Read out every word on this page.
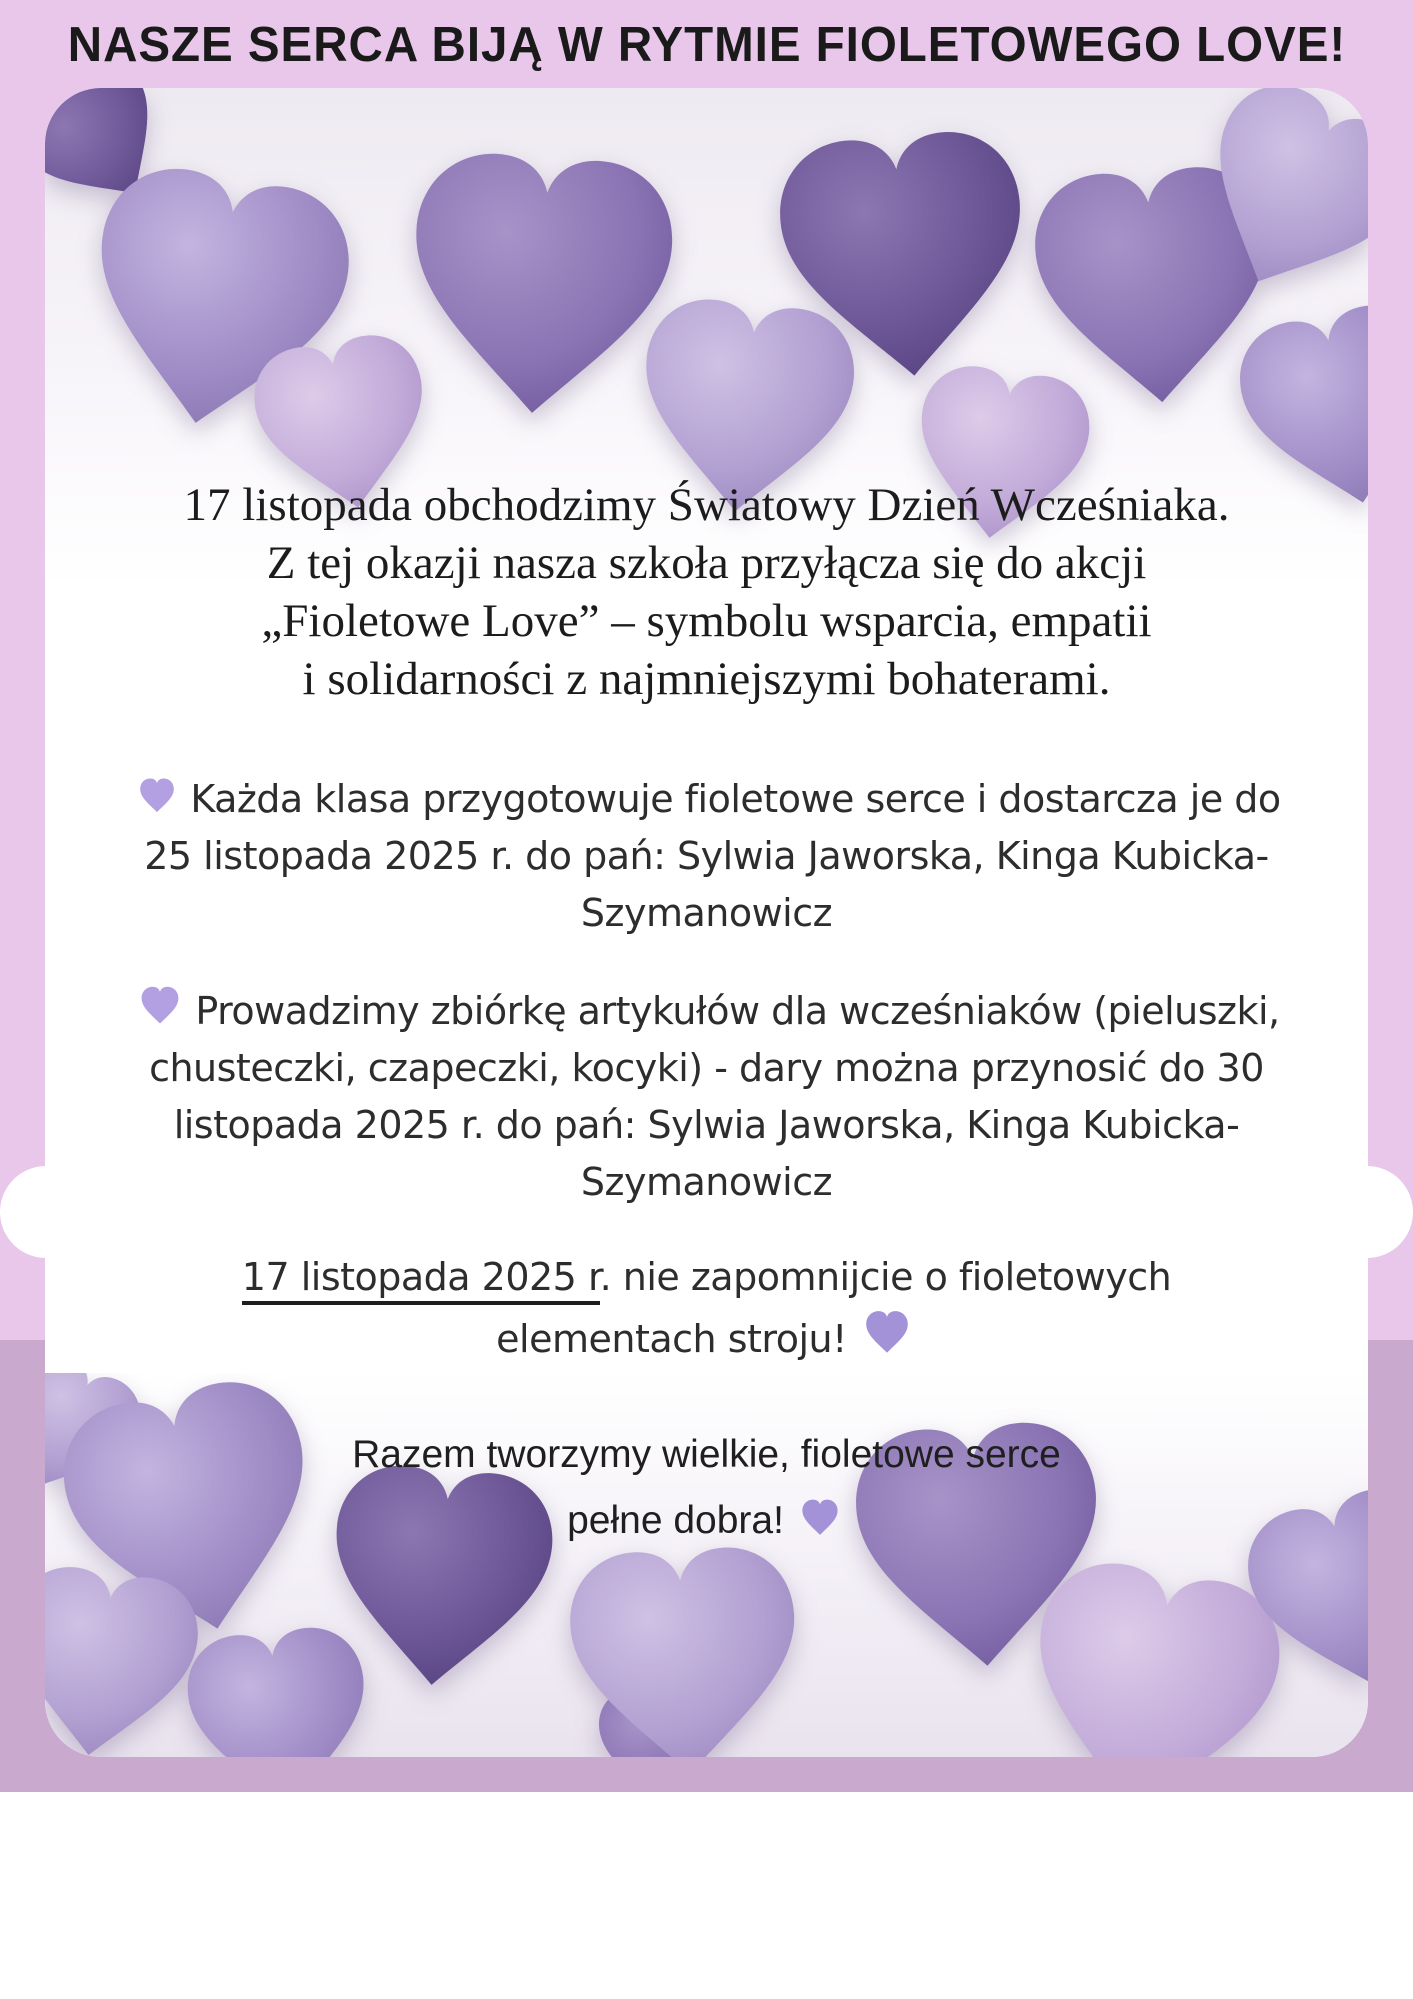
NASZE SERCA BIJĄ W RYTMIE FIOLETOWEGO LOVE!
17 listopada obchodzimy Światowy Dzień Wcześniaka.
Z tej okazji nasza szkoła przyłącza się do akcji
„Fioletowe Love” – symbolu wsparcia, empatii
i solidarności z najmniejszymi bohaterami.
Każda klasa przygotowuje fioletowe serce i dostarcza je do
25 listopada 2025 r. do pań: Sylwia Jaworska, Kinga Kubicka-
Szymanowicz
Prowadzimy zbiórkę artykułów dla wcześniaków (pieluszki,
chusteczki, czapeczki, kocyki) - dary można przynosić do 30
listopada 2025 r. do pań: Sylwia Jaworska, Kinga Kubicka-
Szymanowicz
17 listopada 2025 r. nie zapomnijcie o fioletowych
elementach stroju!
Razem tworzymy wielkie, fioletowe serce
pełne dobra!
